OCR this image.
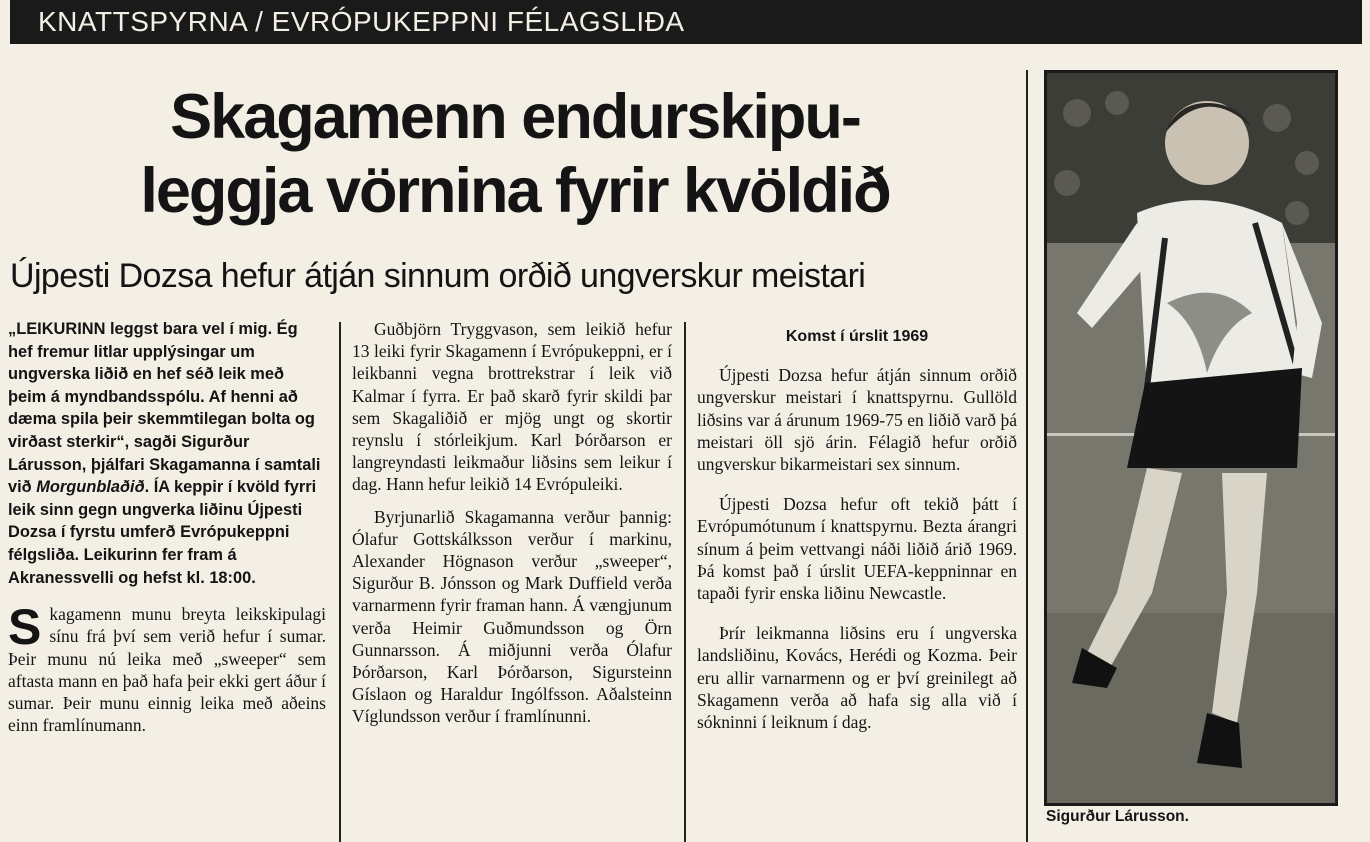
KNATTSPYRNA / EVRÓPUKEPPNI FÉLAGSLIÐA
Skagamenn endurskipu-
leggja vörnina fyrir kvöldið
Újpesti Dozsa hefur átján sinnum orðið ungverskur meistari
„LEIKURINN leggst bara vel í mig. Ég hef fremur litlar upplýsingar um ungverska liðið en hef séð leik með þeim á myndbandsspólu. Af henni að dæma spila þeir skemmtilegan bolta og virðast sterkir“, sagði Sigurður Lárusson, þjálfari Skagamanna í samtali við Morgunblaðið. ÍA keppir í kvöld fyrri leik sinn gegn ungverka liðinu Újpesti Dozsa í fyrstu umferð Evrópukeppni félgsliða. Leikurinn fer fram á Akranessvelli og hefst kl. 18:00.
Skagamenn munu breyta leikskipulagi sínu frá því sem verið hefur í sumar. Þeir munu nú leika með „sweeper“ sem aftasta mann en það hafa þeir ekki gert áður í sumar. Þeir munu einnig leika með aðeins einn framlínumann.
Guðbjörn Tryggvason, sem leikið hefur 13 leiki fyrir Skagamenn í Evrópukeppni, er í leikbanni vegna brottrekstrar í leik við Kalmar í fyrra. Er það skarð fyrir skildi þar sem Skagaliðið er mjög ungt og skortir reynslu í stórleikjum. Karl Þórðarson er langreyndasti leikmaður liðsins sem leikur í dag. Hann hefur leikið 14 Evrópuleiki.
Byrjunarlið Skagamanna verður þannig: Ólafur Gottskálksson verður í markinu, Alexander Högnason verður „sweeper“, Sigurður B. Jónsson og Mark Duffield verða varnarmenn fyrir framan hann. Á vængjunum verða Heimir Guðmundsson og Örn Gunnarsson. Á miðjunni verða Ólafur Þórðarson, Karl Þórðarson, Sigursteinn Gíslaon og Haraldur Ingólfsson. Aðalsteinn Víglundsson verður í framlínunni.
Komst í úrslit 1969
Újpesti Dozsa hefur átján sinnum orðið ungverskur meistari í knattspyrnu. Gullöld liðsins var á árunum 1969-75 en liðið varð þá meistari öll sjö árin. Félagið hefur orðið ungverskur bikarmeistari sex sinnum.
Újpesti Dozsa hefur oft tekið þátt í Evrópumótunum í knattspyrnu. Bezta árangri sínum á þeim vettvangi náði liðið árið 1969. Þá komst það í úrslit UEFA-keppninnar en tapaði fyrir enska liðinu Newcastle.
Þrír leikmanna liðsins eru í ungverska landsliðinu, Kovács, Herédi og Kozma. Þeir eru allir varnarmenn og er því greinilegt að Skagamenn verða að hafa sig alla við í sókninni í leiknum í dag.
Sigurður Lárusson.
